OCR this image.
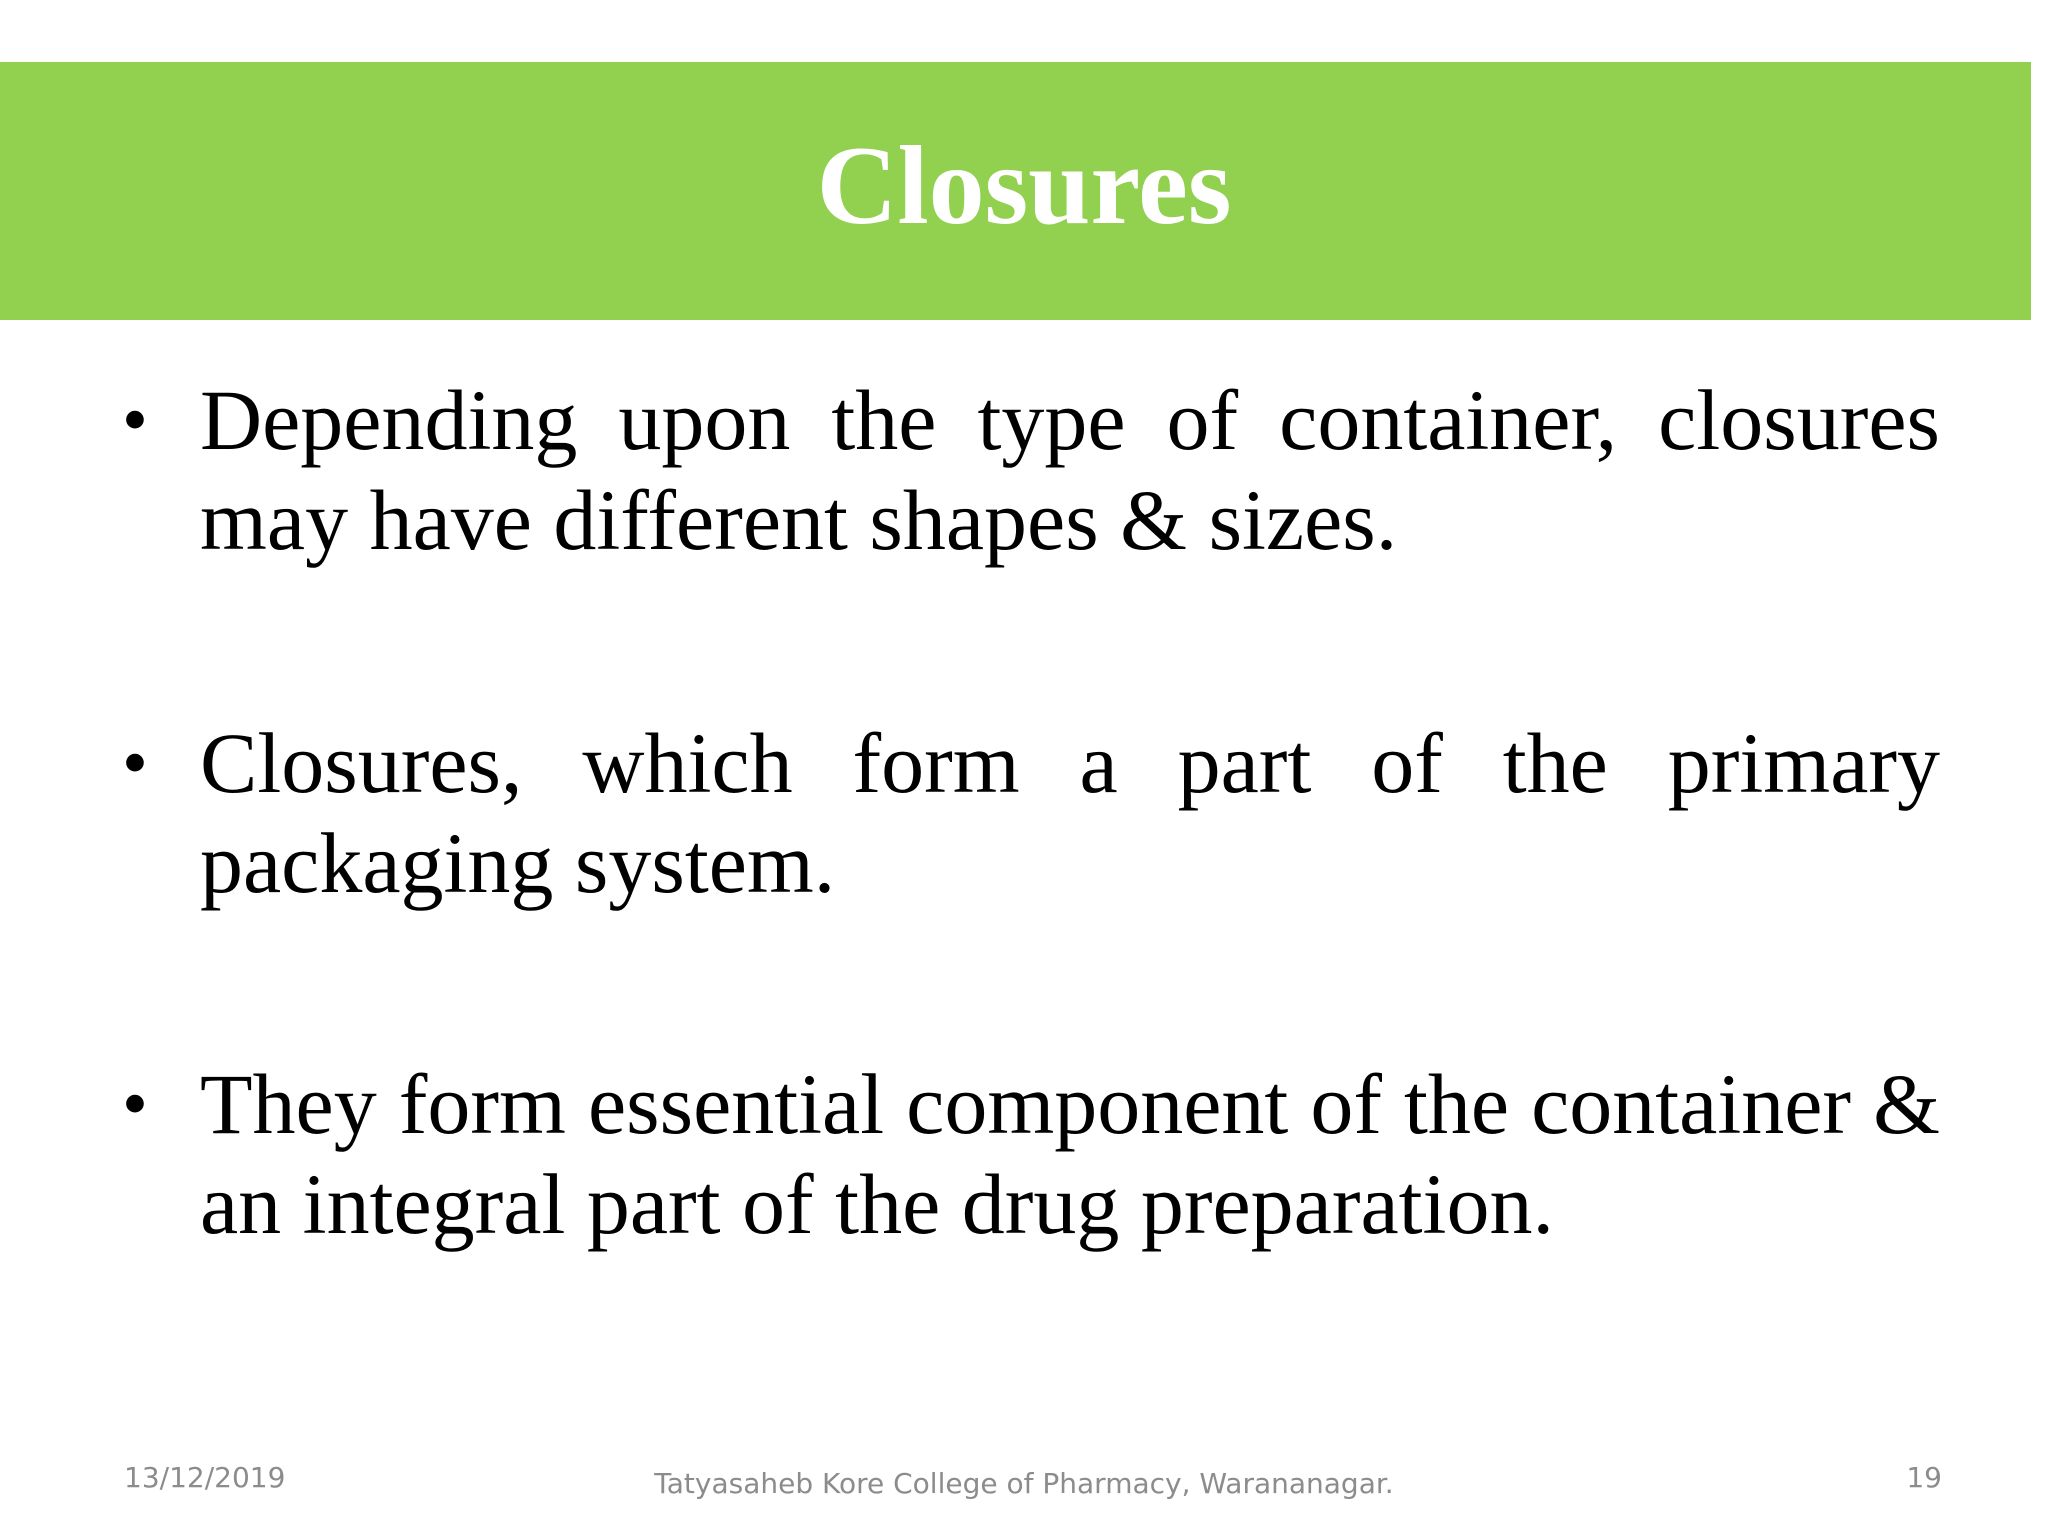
Closures

• Depending upon the type of container, closures may have different shapes & sizes.

• Closures, which form a part of the primary packaging system.

• They form essential component of the container & an integral part of the drug preparation.

13/12/2019	Tatyasaheb Kore College of Pharmacy, Warananagar.	19
